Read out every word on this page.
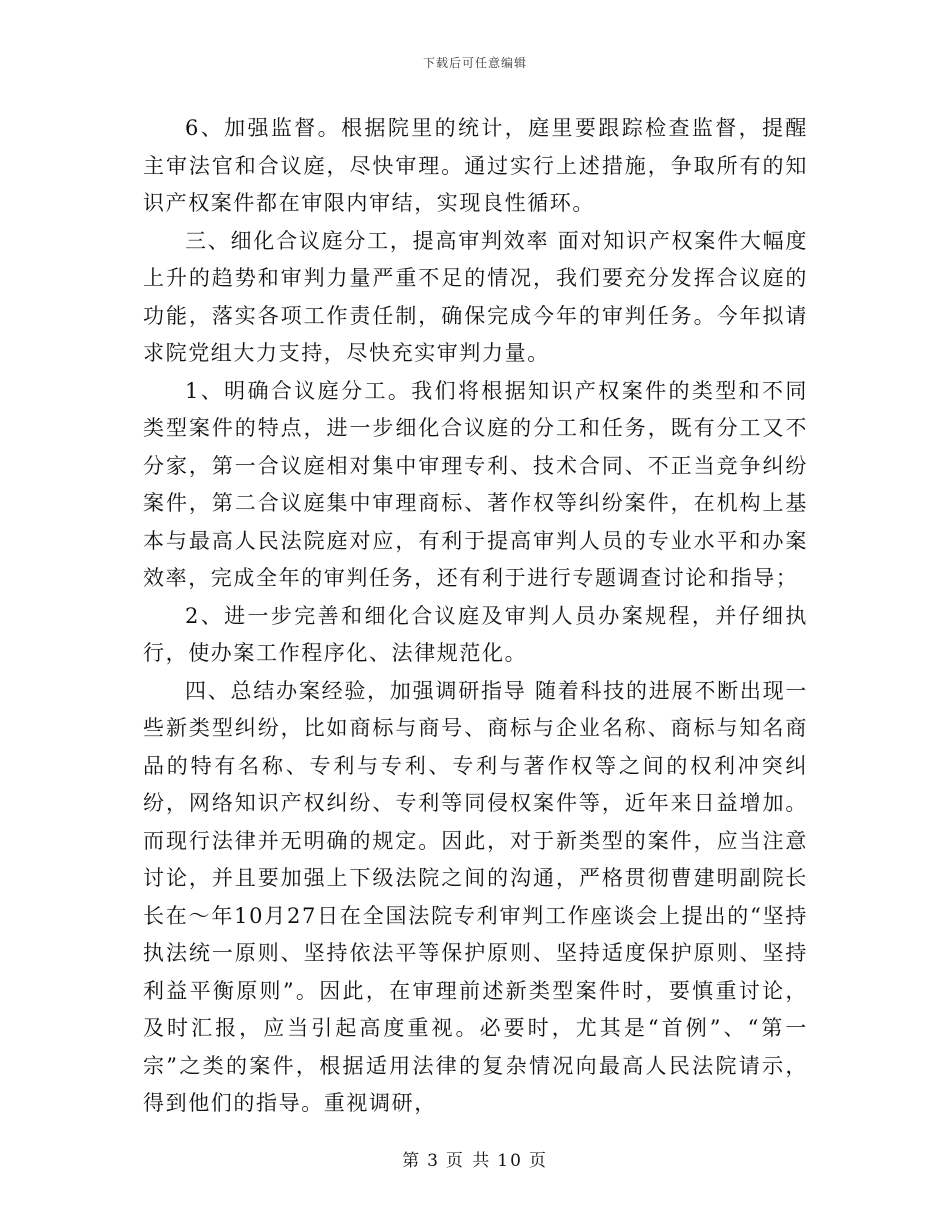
下载后可任意编辑

6、加强监督。根据院里的统计，庭里要跟踪检查监督，提醒主审法官和合议庭，尽快审理。通过实行上述措施，争取所有的知识产权案件都在审限内审结，实现良性循环。

三、细化合议庭分工，提高审判效率 面对知识产权案件大幅度上升的趋势和审判力量严重不足的情况，我们要充分发挥合议庭的功能，落实各项工作责任制，确保完成今年的审判任务。今年拟请求院党组大力支持，尽快充实审判力量。

1、明确合议庭分工。我们将根据知识产权案件的类型和不同类型案件的特点，进一步细化合议庭的分工和任务，既有分工又不分家，第一合议庭相对集中审理专利、技术合同、不正当竞争纠纷案件，第二合议庭集中审理商标、著作权等纠纷案件，在机构上基本与最高人民法院庭对应，有利于提高审判人员的专业水平和办案效率，完成全年的审判任务，还有利于进行专题调查讨论和指导；

2、进一步完善和细化合议庭及审判人员办案规程，并仔细执行，使办案工作程序化、法律规范化。

四、总结办案经验，加强调研指导 随着科技的进展不断出现一些新类型纠纷，比如商标与商号、商标与企业名称、商标与知名商品的特有名称、专利与专利、专利与著作权等之间的权利冲突纠纷，网络知识产权纠纷、专利等同侵权案件等，近年来日益增加。而现行法律并无明确的规定。因此，对于新类型的案件，应当注意讨论，并且要加强上下级法院之间的沟通，严格贯彻曹建明副院长长在～年10月27日在全国法院专利审判工作座谈会上提出的“坚持执法统一原则、坚持依法平等保护原则、坚持适度保护原则、坚持利益平衡原则”。因此，在审理前述新类型案件时，要慎重讨论，及时汇报，应当引起高度重视。必要时，尤其是“首例”、“第一宗”之类的案件，根据适用法律的复杂情况向最高人民法院请示，得到他们的指导。重视调研，

第 3 页 共 10 页
